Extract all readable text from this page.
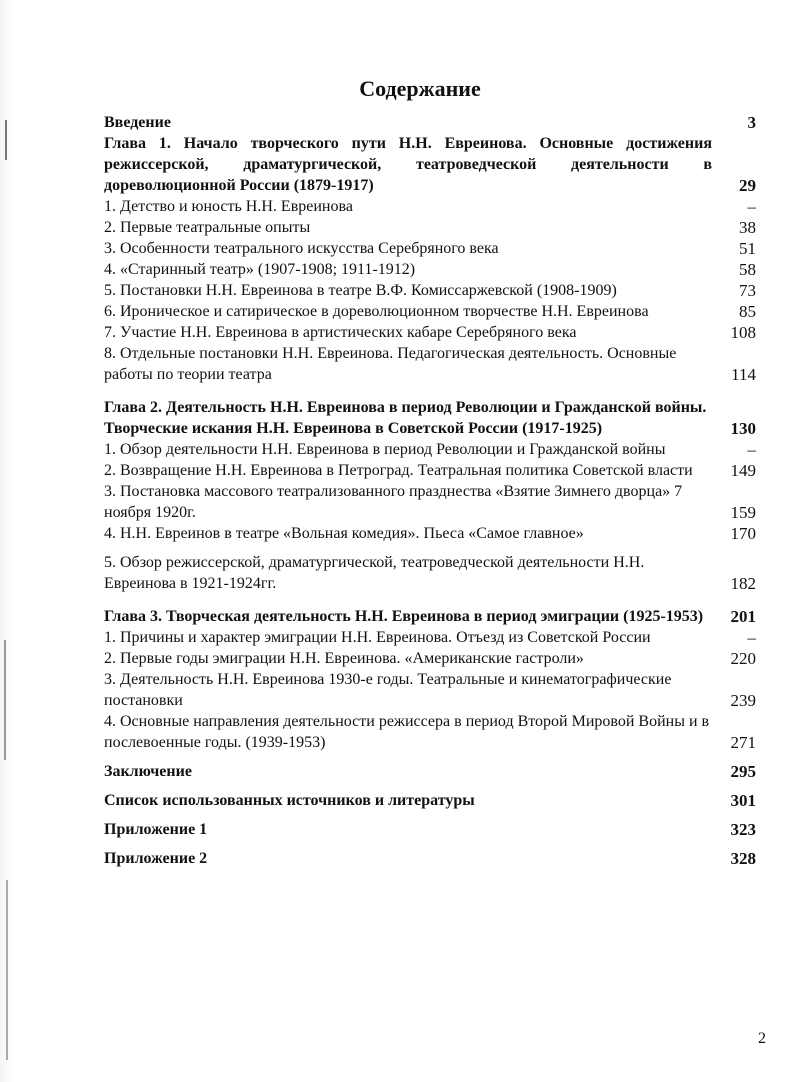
Содержание
Введение	3
Глава 1. Начало творческого пути Н.Н. Евреинова. Основные достижения режиссерской, драматургической, театроведческой деятельности в дореволюционной России (1879-1917)	29
1. Детство и юность Н.Н. Евреинова	–
2. Первые театральные опыты	38
3. Особенности театрального искусства Серебряного века	51
4. «Старинный театр» (1907-1908; 1911-1912)	58
5. Постановки Н.Н. Евреинова в театре В.Ф. Комиссаржевской (1908-1909)	73
6. Ироническое и сатирическое в дореволюционном творчестве Н.Н. Евреинова	85
7. Участие Н.Н. Евреинова в артистических кабаре Серебряного века	108
8. Отдельные постановки Н.Н. Евреинова. Педагогическая деятельность. Основные работы по теории театра	114
Глава 2. Деятельность Н.Н. Евреинова в период Революции и Гражданской войны. Творческие искания Н.Н. Евреинова в Советской России (1917-1925)	130
1. Обзор деятельности Н.Н. Евреинова в период Революции и Гражданской войны	–
2. Возвращение Н.Н. Евреинова в Петроград. Театральная политика Советской власти	149
3. Постановка массового театрализованного празднества «Взятие Зимнего дворца» 7 ноября 1920г.	159
4. Н.Н. Евреинов в театре «Вольная комедия». Пьеса «Самое главное»	170
5. Обзор режиссерской, драматургической, театроведческой деятельности Н.Н. Евреинова в 1921-1924гг.	182
Глава 3. Творческая деятельность Н.Н. Евреинова в период эмиграции (1925-1953)	201
1. Причины и характер эмиграции Н.Н. Евреинова. Отъезд из Советской России	–
2. Первые годы эмиграции Н.Н. Евреинова. «Американские гастроли»	220
3. Деятельность Н.Н. Евреинова 1930-е годы. Театральные и кинематографические постановки	239
4. Основные направления деятельности режиссера в период Второй Мировой Войны и в послевоенные годы. (1939-1953)	271
Заключение	295
Список использованных источников и литературы	301
Приложение 1	323
Приложение 2	328
2
